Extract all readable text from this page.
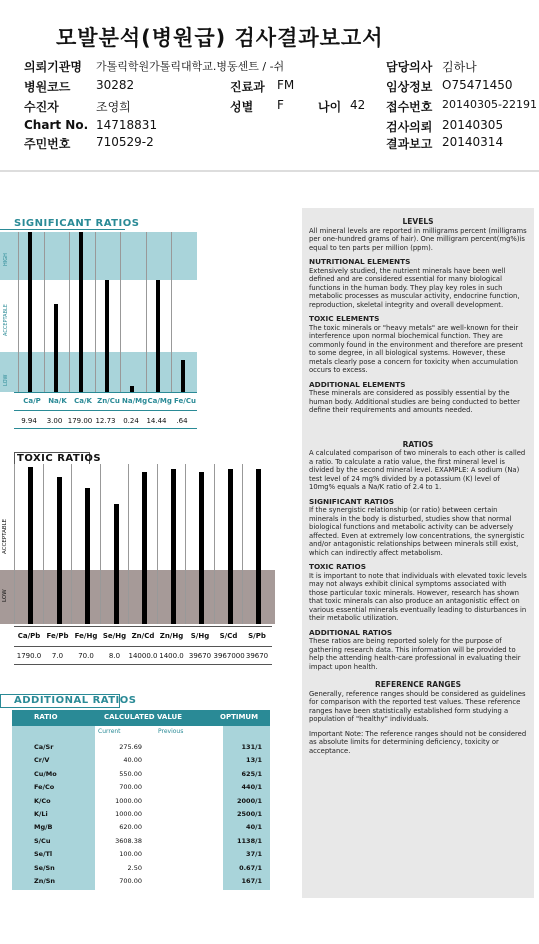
모발분석(병원급) 검사결과보고서
의뢰기관명 가톨릭학원가톨릭대학교.병동센트 / -쉬
병원코드 30282
수진자	조영희
Chart No. 14718831
주민번호 710529-2
진료과 FM
성별 F	나이 42
담당의사 김하나
임상정보 O75471450
접수번호 20140305-22191
검사의뢰 20140305
결과보고 20140314
SIGNIFICANT RATIOS
HIGH
ACCEPTABLE
LOW
Ca/P	Na/K	Ca/K Zn/Cu Na/Mg Ca/Mg Fe/Cu
9.94	3.00 179.00 12.73	0.24	14.44	.64
TOXIC RATIOS
ACCEPTABLE
LOW
Ca/Pb Fe/Pb Fe/Hg Se/Hg Zn/Cd Zn/Hg	S/Hg	S/Cd	S/Pb
1790.0	7.0	70.0	8.0	14000.0 1400.0 39670 3967000 39670
ADDITIONAL RATIOS
RATIO	CALCULATED VALUE	OPTIMUM
Current	Previous
Ca/Sr	275.69	131/1
Cr/V	40.00	13/1
Cu/Mo	550.00	625/1
Fe/Co	700.00	440/1
K/Co	1000.00	2000/1
K/Li	1000.00	2500/1
Mg/B	620.00	40/1
S/Cu	3608.38	1138/1
Se/Tl	100.00	37/1
Se/Sn	2.50	0.67/1
Zn/Sn	700.00	167/1
LEVELS

All mineral levels are reported in milligrams percent (milligrams per one-hundred grams of hair). One milligram percent(mg%)is equal to ten parts per million (ppm).

NUTRITIONAL ELEMENTS

Extensively studied, the nutrient minerals have been well defined and are considered essential for many biological functions in the human body. They play key roles in such metabolic processes as muscular activity, endocrine function, reproduction, skeletal integrity and overall development.

TOXIC ELEMENTS

The toxic minerals or "heavy metals" are well-known for their interference upon normal biochemical function. They are commonly found in the environment and therefore are present to some degree, in all biological systems. However, these metals clearly pose a concern for toxicity when accumulation occurs to excess.

ADDITIONAL ELEMENTS

These minerals are considered as possibly essential by the human body. Additional studies are being conducted to better define their requirements and amounts needed.

RATIOS

A calculated comparison of two minerals to each other is called a ratio. To calculate a ratio value, the first mineral level is divided by the second mineral level. EXAMPLE: A sodium (Na) test level of 24 mg% divided by a potassium (K) level of 10mg% equals a Na/K ratio of 2.4 to 1.

SIGNIFICANT RATIOS

If the synergistic relationship (or ratio) between certain minerals in the body is disturbed, studies show that normal biological functions and metabolic activity can be adversely affected. Even at extremely low concentrations, the synergistic and/or antagonistic relationships between minerals still exist, which can indirectly affect metabolism.

TOXIC RATIOS

It is important to note that individuals with elevated toxic levels may not always exhibit clinical symptoms associated with those particular toxic minerals. However, research has shown that toxic minerals can also produce an antagonistic effect on various essential minerals eventually leading to disturbances in their metabolic utilization.

ADDITIONAL RATIOS

These ratios are being reported solely for the purpose of gathering research data. This information will be provided to help the attending health-care professional in evaluating their impact upon health.

REFERENCE RANGES

Generally, reference ranges should be considered as guidelines for comparison with the reported test values. These reference ranges have been statistically established form studying a population of "healthy" individuals.

Important Note: The reference ranges should not be considered as absolute limits for determining deficiency, toxicity or acceptance.
